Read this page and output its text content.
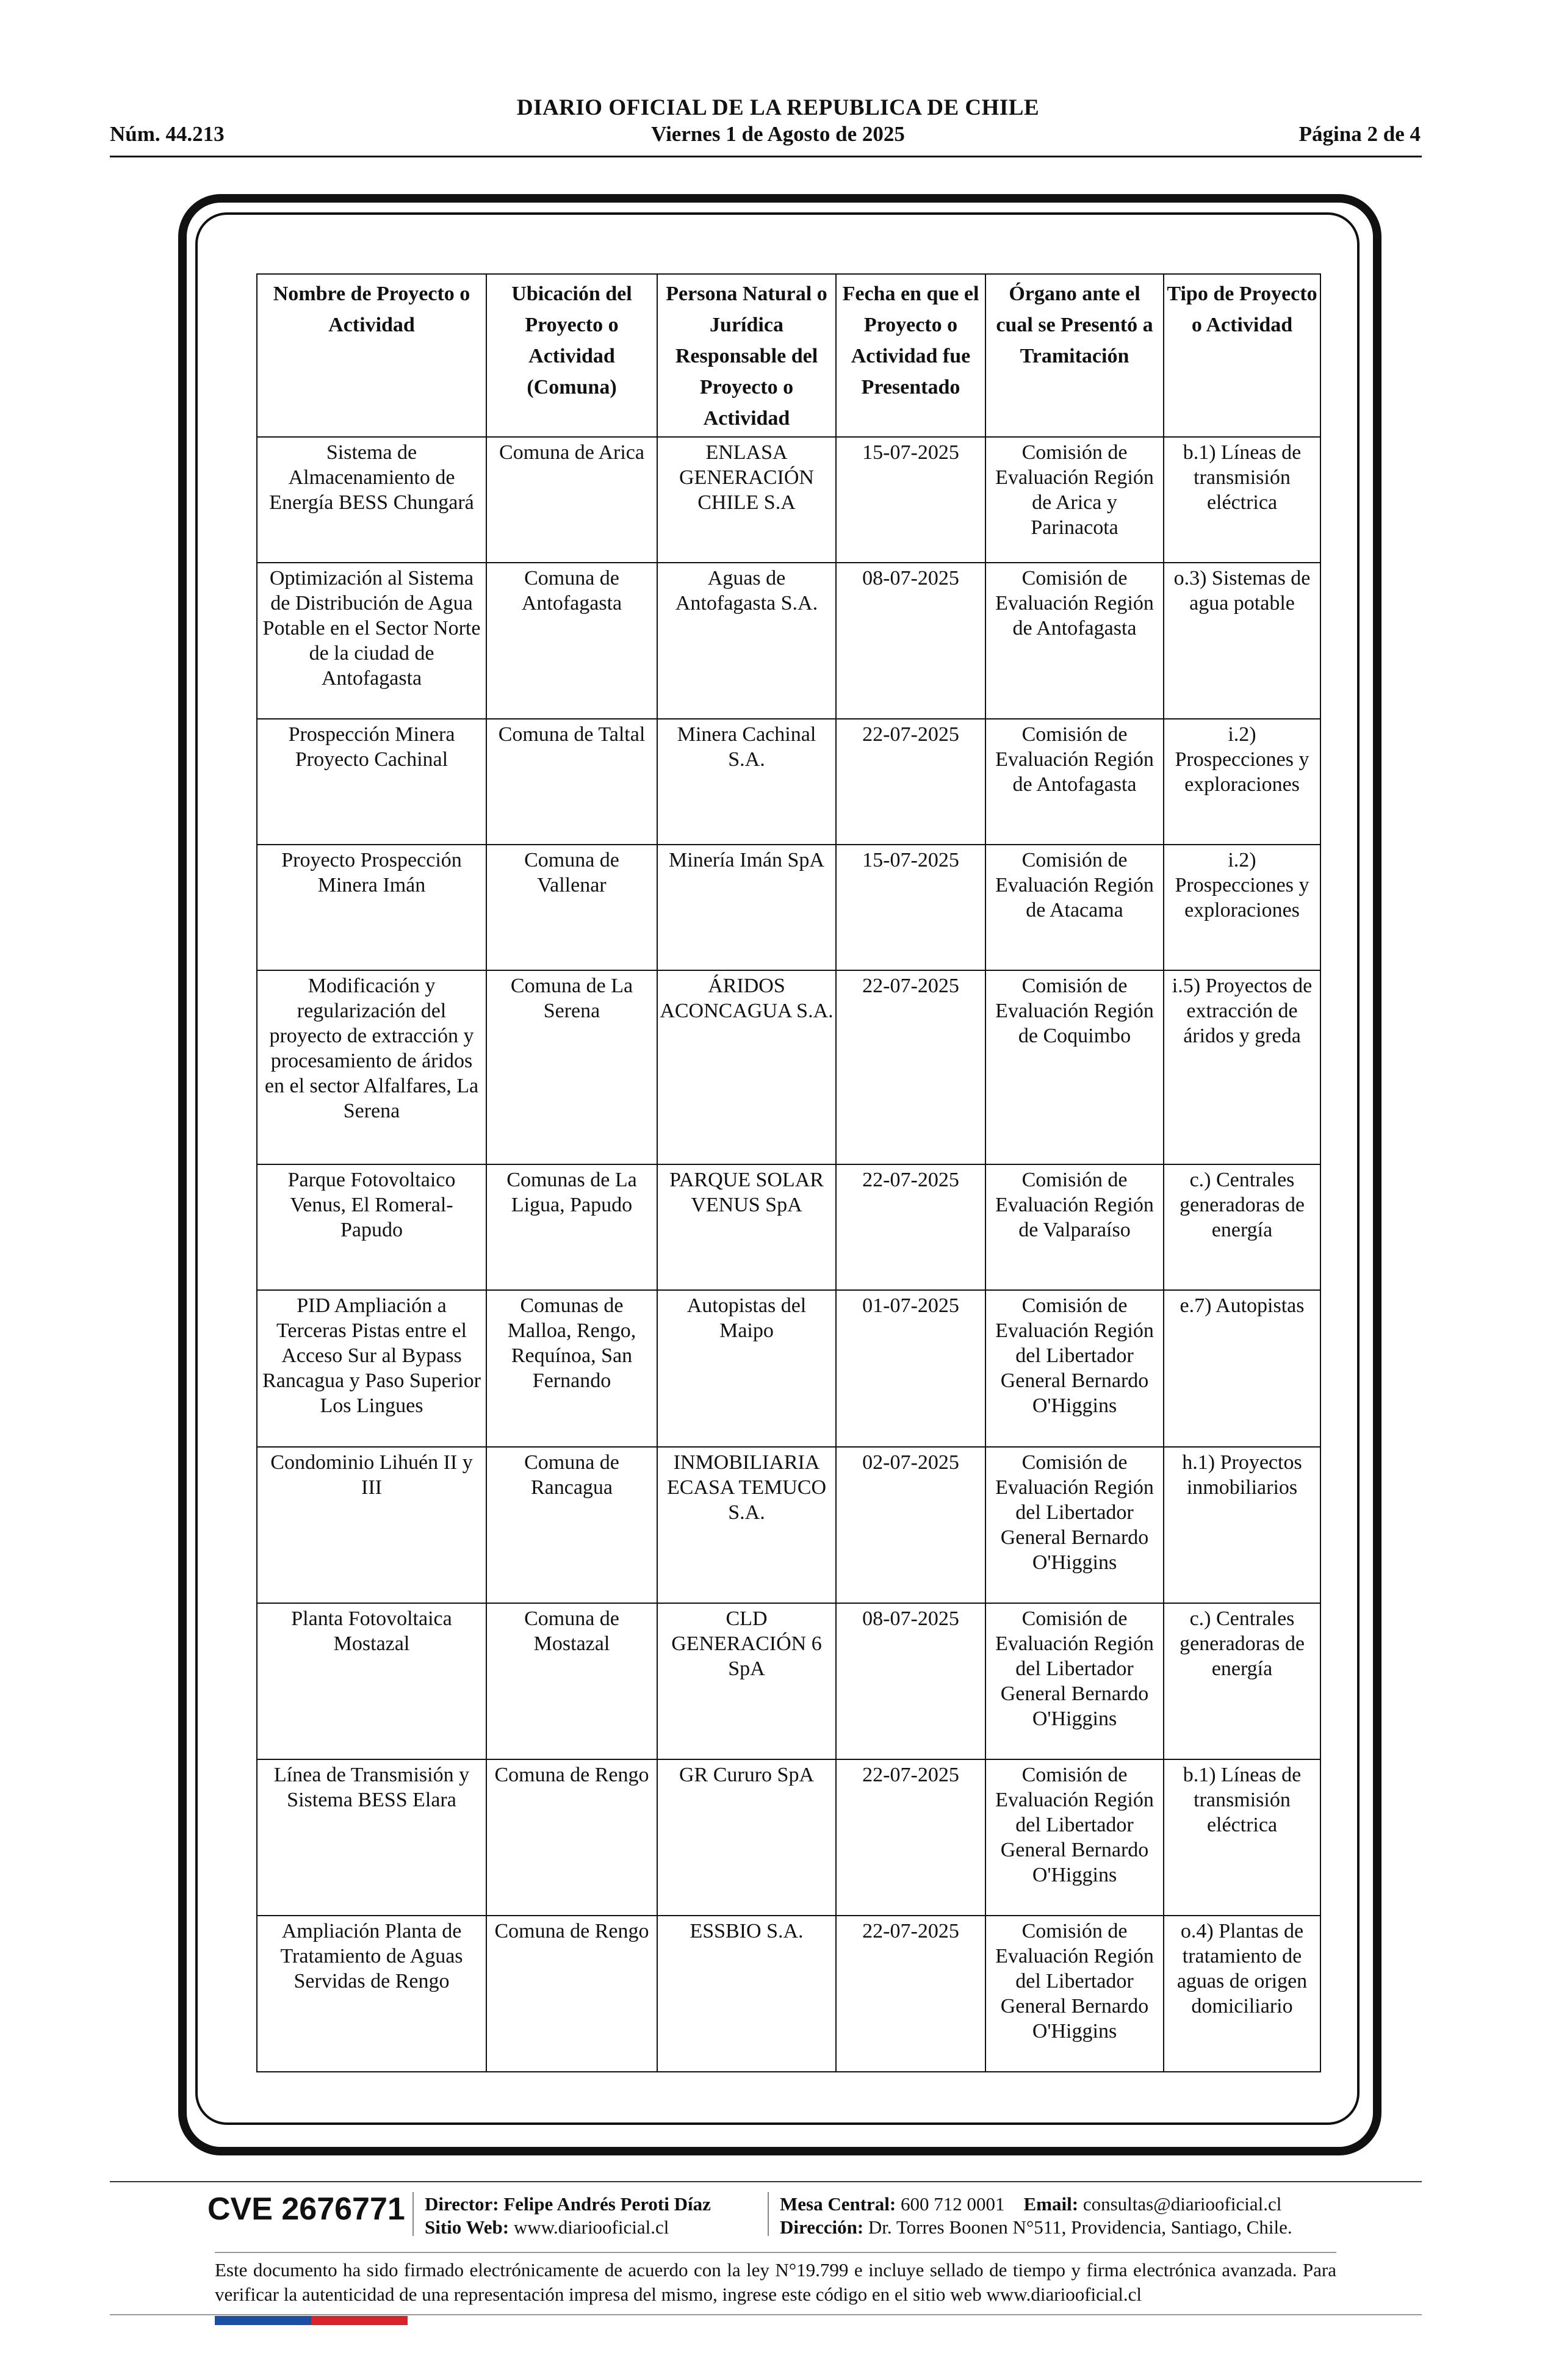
DIARIO OFICIAL DE LA REPUBLICA DE CHILE
Núm. 44.213	Viernes 1 de Agosto de 2025	Página 2 de 4
Nombre de Proyecto o Actividad	Ubicación del Proyecto o Actividad (Comuna)	Persona Natural o Jurídica Responsable del Proyecto o Actividad	Fecha en que el Proyecto o Actividad fue Presentado	Órgano ante el cual se Presentó a Tramitación	Tipo de Proyecto o Actividad
Sistema de Almacenamiento de Energía BESS Chungará	Comuna de Arica	ENLASA GENERACIÓN CHILE S.A	15-07-2025	Comisión de Evaluación Región de Arica y Parinacota	b.1) Líneas de transmisión eléctrica
Optimización al Sistema de Distribución de Agua Potable en el Sector Norte de la ciudad de Antofagasta	Comuna de Antofagasta	Aguas de Antofagasta S.A.	08-07-2025	Comisión de Evaluación Región de Antofagasta	o.3) Sistemas de agua potable
Prospección Minera Proyecto Cachinal	Comuna de Taltal	Minera Cachinal S.A.	22-07-2025	Comisión de Evaluación Región de Antofagasta	i.2) Prospecciones y exploraciones
Proyecto Prospección Minera Imán	Comuna de Vallenar	Minería Imán SpA	15-07-2025	Comisión de Evaluación Región de Atacama	i.2) Prospecciones y exploraciones
Modificación y regularización del proyecto de extracción y procesamiento de áridos en el sector Alfalfares, La Serena	Comuna de La Serena	ÁRIDOS ACONCAGUA S.A.	22-07-2025	Comisión de Evaluación Región de Coquimbo	i.5) Proyectos de extracción de áridos y greda
Parque Fotovoltaico Venus, El Romeral-Papudo	Comunas de La Ligua, Papudo	PARQUE SOLAR VENUS SpA	22-07-2025	Comisión de Evaluación Región de Valparaíso	c.) Centrales generadoras de energía
PID Ampliación a Terceras Pistas entre el Acceso Sur al Bypass Rancagua y Paso Superior Los Lingues	Comunas de Malloa, Rengo, Requínoa, San Fernando	Autopistas del Maipo	01-07-2025	Comisión de Evaluación Región del Libertador General Bernardo O'Higgins	e.7) Autopistas
Condominio Lihuén II y III	Comuna de Rancagua	INMOBILIARIA ECASA TEMUCO S.A.	02-07-2025	Comisión de Evaluación Región del Libertador General Bernardo O'Higgins	h.1) Proyectos inmobiliarios
Planta Fotovoltaica Mostazal	Comuna de Mostazal	CLD GENERACIÓN 6 SpA	08-07-2025	Comisión de Evaluación Región del Libertador General Bernardo O'Higgins	c.) Centrales generadoras de energía
Línea de Transmisión y Sistema BESS Elara	Comuna de Rengo	GR Cururo SpA	22-07-2025	Comisión de Evaluación Región del Libertador General Bernardo O'Higgins	b.1) Líneas de transmisión eléctrica
Ampliación Planta de Tratamiento de Aguas Servidas de Rengo	Comuna de Rengo	ESSBIO S.A.	22-07-2025	Comisión de Evaluación Región del Libertador General Bernardo O'Higgins	o.4) Plantas de tratamiento de aguas de origen domiciliario
CVE 2676771 Director: Felipe Andrés Peroti Díaz
Sitio Web: www.diariooficial.cl
Mesa Central: 600 712 0001 Email: consultas@diariooficial.cl
Dirección: Dr. Torres Boonen N°511, Providencia, Santiago, Chile.
Este documento ha sido firmado electrónicamente de acuerdo con la ley N°19.799 e incluye sellado de tiempo y firma electrónica avanzada. Para verificar la autenticidad de una representación impresa del mismo, ingrese este código en el sitio web www.diariooficial.cl
